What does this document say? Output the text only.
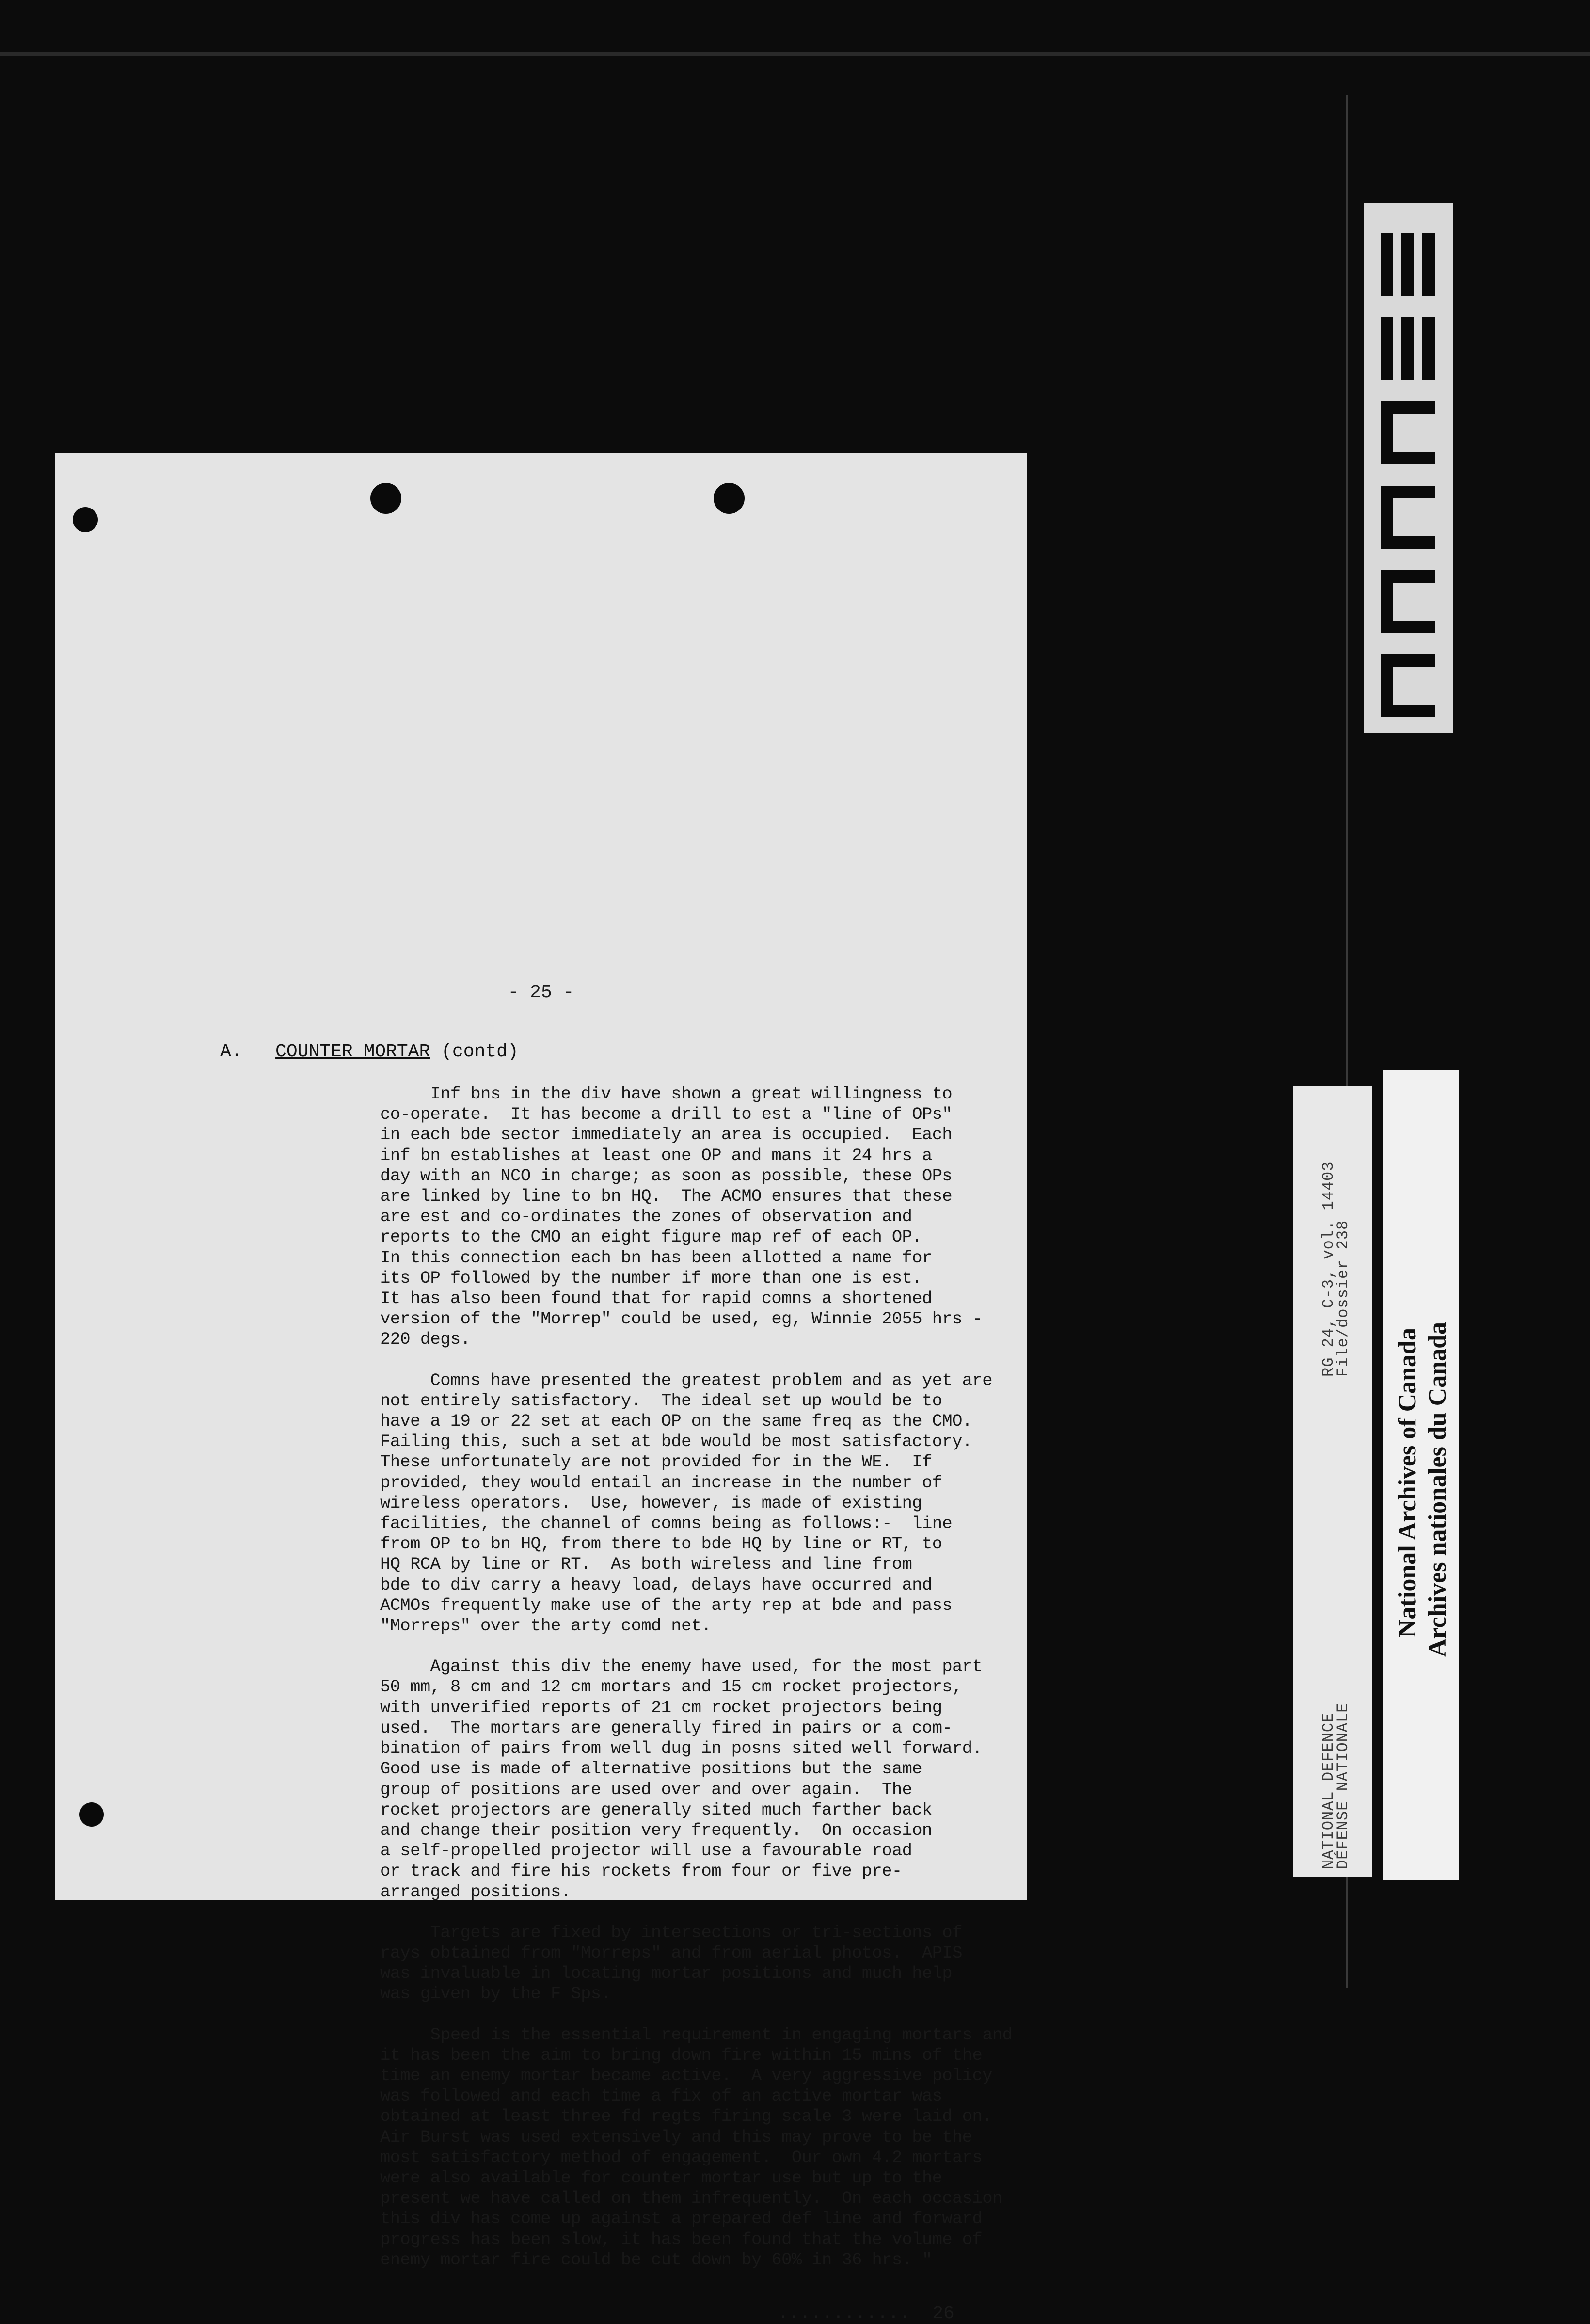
- 25 -
A. COUNTER MORTAR (contd)
Inf bns in the div have shown a great willingness to
co-operate.  It has become a drill to est a "line of OPs"
in each bde sector immediately an area is occupied.  Each
inf bn establishes at least one OP and mans it 24 hrs a
day with an NCO in charge; as soon as possible, these OPs
are linked by line to bn HQ.  The ACMO ensures that these
are est and co-ordinates the zones of observation and
reports to the CMO an eight figure map ref of each OP.
In this connection each bn has been allotted a name for
its OP followed by the number if more than one is est.
It has also been found that for rapid comns a shortened
version of the "Morrep" could be used, eg, Winnie 2055 hrs -
220 degs.
Comns have presented the greatest problem and as yet are
not entirely satisfactory.  The ideal set up would be to
have a 19 or 22 set at each OP on the same freq as the CMO.
Failing this, such a set at bde would be most satisfactory.
These unfortunately are not provided for in the WE.  If
provided, they would entail an increase in the number of
wireless operators.  Use, however, is made of existing
facilities, the channel of comns being as follows:-  line
from OP to bn HQ, from there to bde HQ by line or RT, to
HQ RCA by line or RT.  As both wireless and line from
bde to div carry a heavy load, delays have occurred and
ACMOs frequently make use of the arty rep at bde and pass
"Morreps" over the arty comd net.
Against this div the enemy have used, for the most part
50 mm, 8 cm and 12 cm mortars and 15 cm rocket projectors,
with unverified reports of 21 cm rocket projectors being
used.  The mortars are generally fired in pairs or a com-
bination of pairs from well dug in posns sited well forward.
Good use is made of alternative positions but the same
group of positions are used over and over again.  The
rocket projectors are generally sited much farther back
and change their position very frequently.  On occasion
a self-propelled projector will use a favourable road
or track and fire his rockets from four or five pre-
arranged positions.
Targets are fixed by intersections or tri-sections of
rays obtained from "Morreps" and from aerial photos.  APIS
was invaluable in locating mortar positions and much help
was given by the F Sps.
Speed is the essential requirement in engaging mortars and
it has been the aim to bring down fire within 15 mins of the
time an enemy mortar became active.  A very aggressive policy
was followed and each time a fix of an active mortar was
obtained at least three fd regts firing scale 3 were laid on.
Air Burst was used extensively and this may prove to be the
most satisfactory method of engagement.  Our own 4.2 mortars
were also available for counter mortar use but up to the
present we have called on them infrequently.  On each occasion
this div has come up against a prepared def line and forward
progress has been slow, it has been found that the volume of
enemy mortar fire could be cut down by 60% in 36 hrs. "
............  26
RG 24, C-3, vol. 14403
File/dossier 238
NATIONAL DEFENCE
DÉFENSE NATIONALE
National Archives of Canada Archives nationales du Canada
